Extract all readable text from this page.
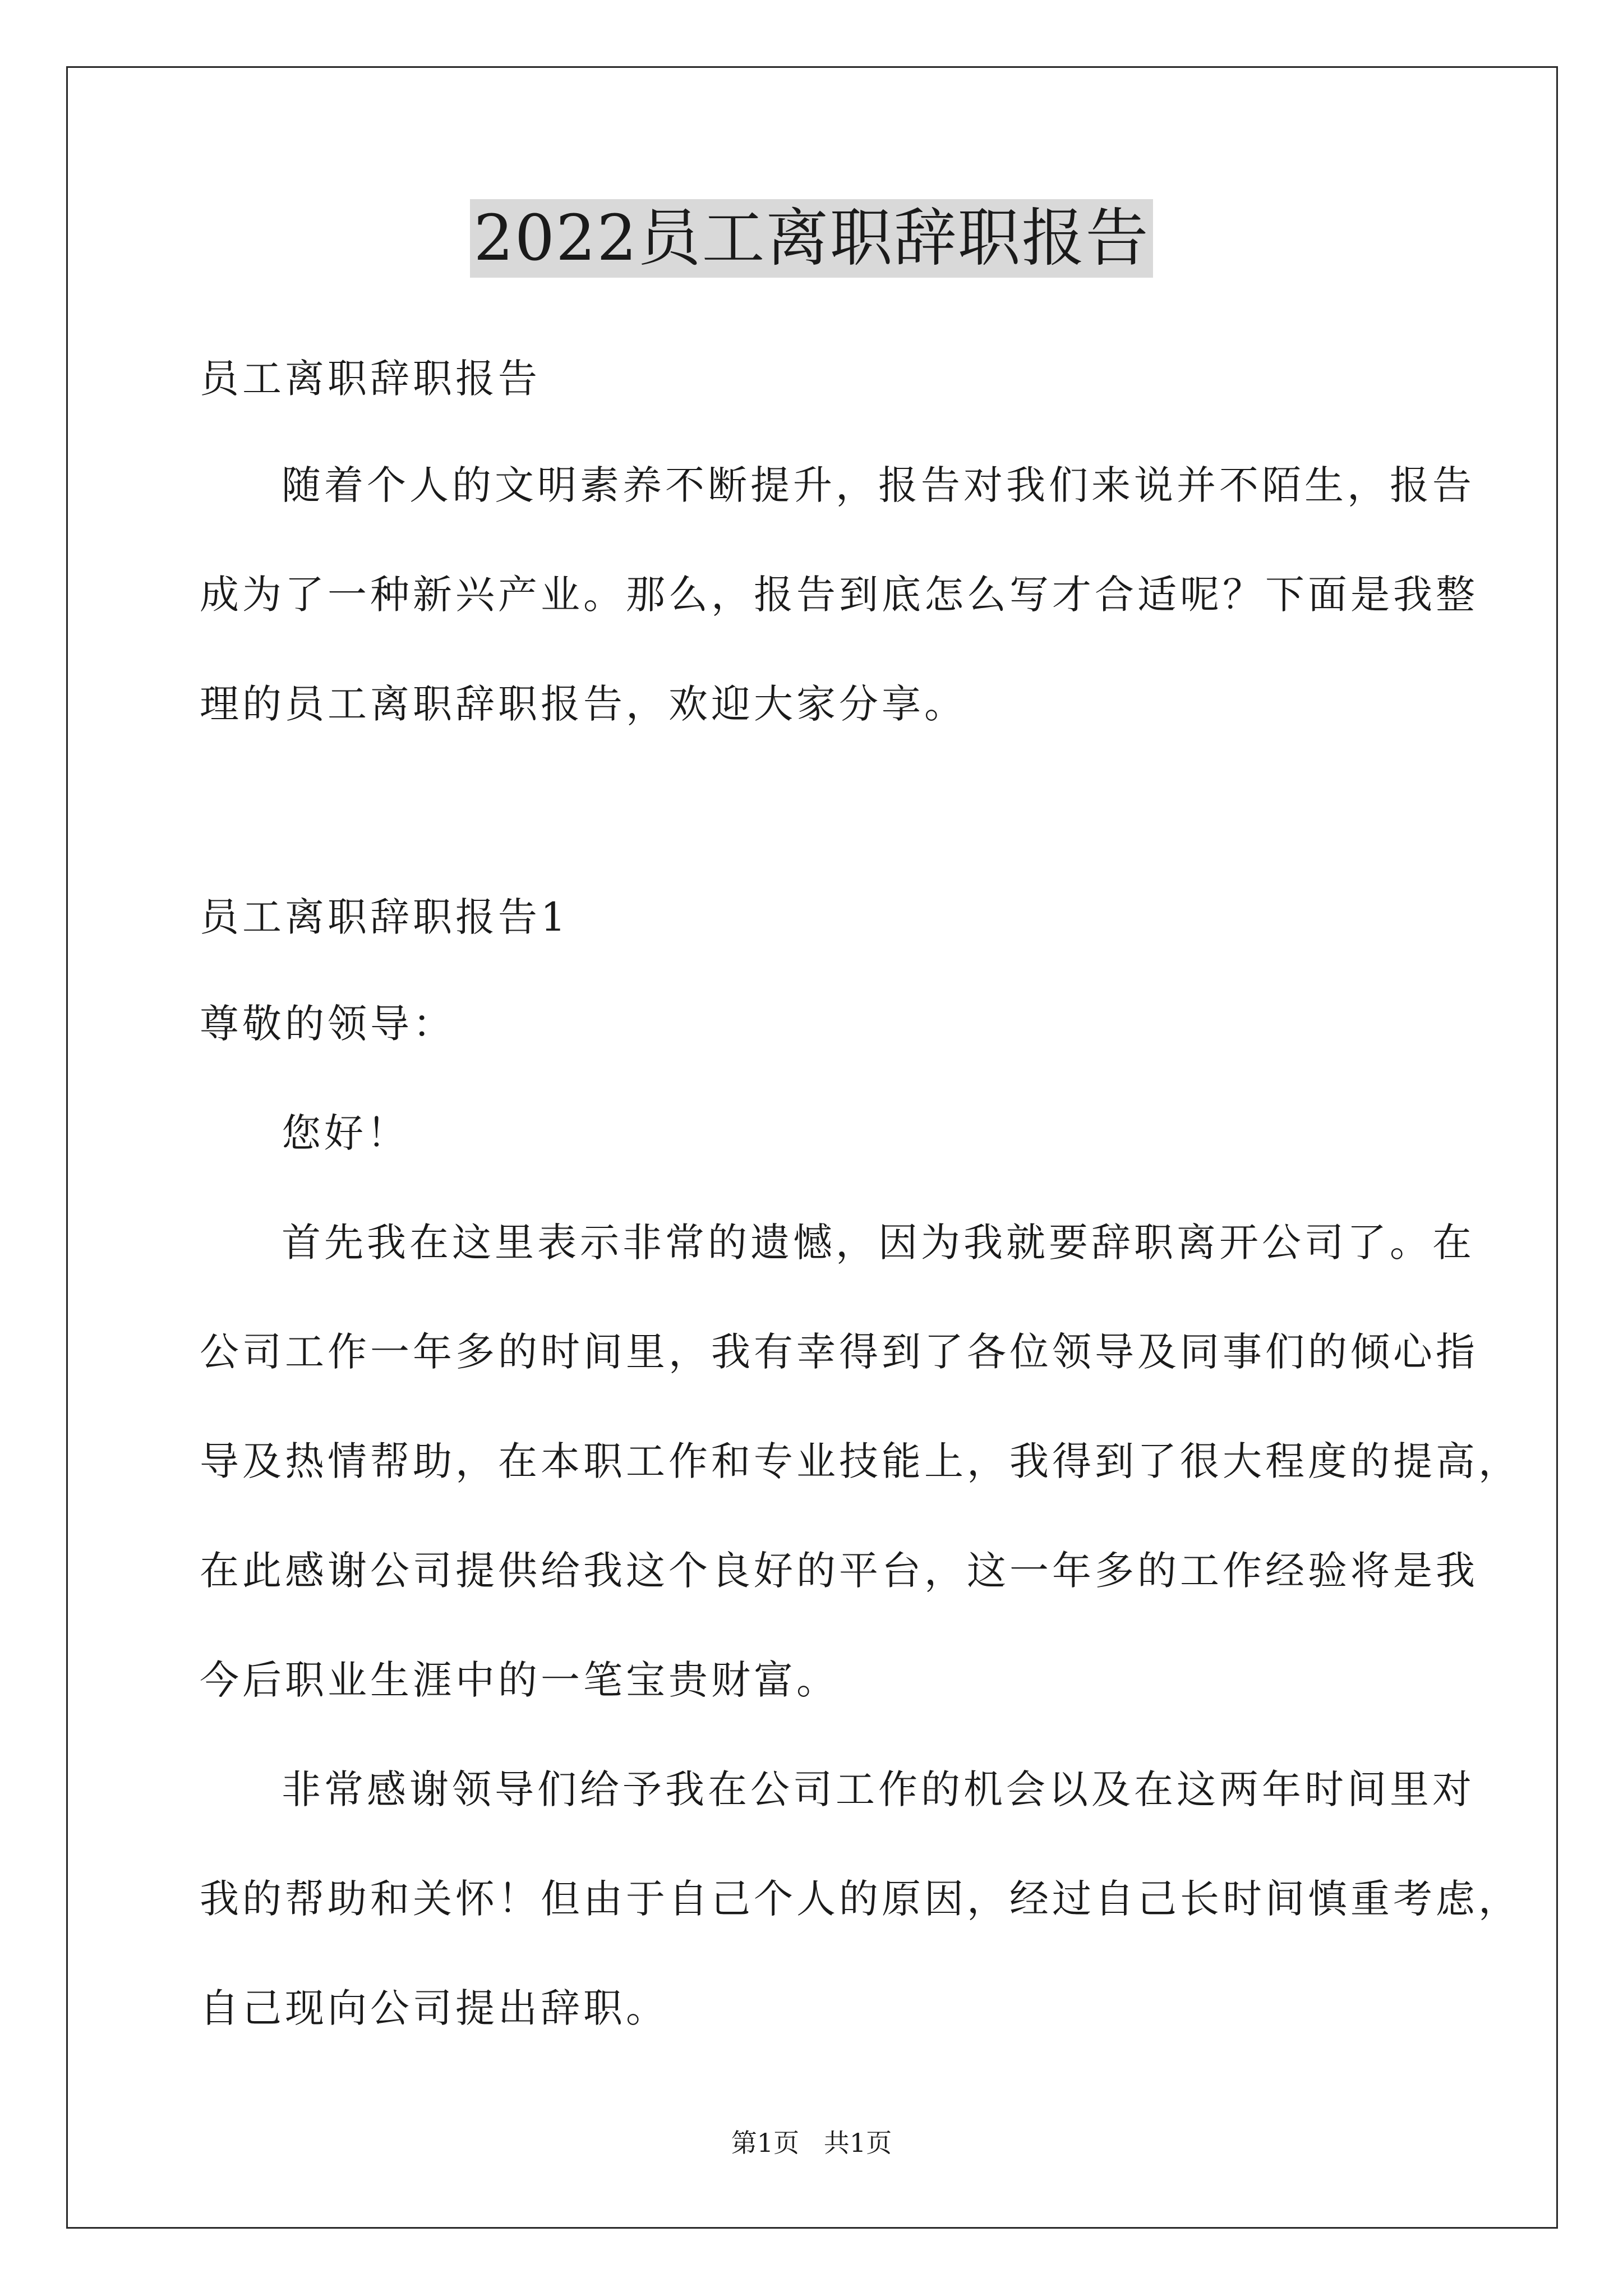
2022员工离职辞职报告
员工离职辞职报告
随着个人的文明素养不断提升，报告对我们来说并不陌生，报告
成为了一种新兴产业。那么，报告到底怎么写才合适呢？下面是我整
理的员工离职辞职报告，欢迎大家分享。
员工离职辞职报告1
尊敬的领导：
您好！
首先我在这里表示非常的遗憾，因为我就要辞职离开公司了。在
公司工作一年多的时间里，我有幸得到了各位领导及同事们的倾心指
导及热情帮助，在本职工作和专业技能上，我得到了很大程度的提高，
在此感谢公司提供给我这个良好的平台，这一年多的工作经验将是我
今后职业生涯中的一笔宝贵财富。
非常感谢领导们给予我在公司工作的机会以及在这两年时间里对
我的帮助和关怀！但由于自己个人的原因，经过自己长时间慎重考虑，
自己现向公司提出辞职。
第1页   共1页
